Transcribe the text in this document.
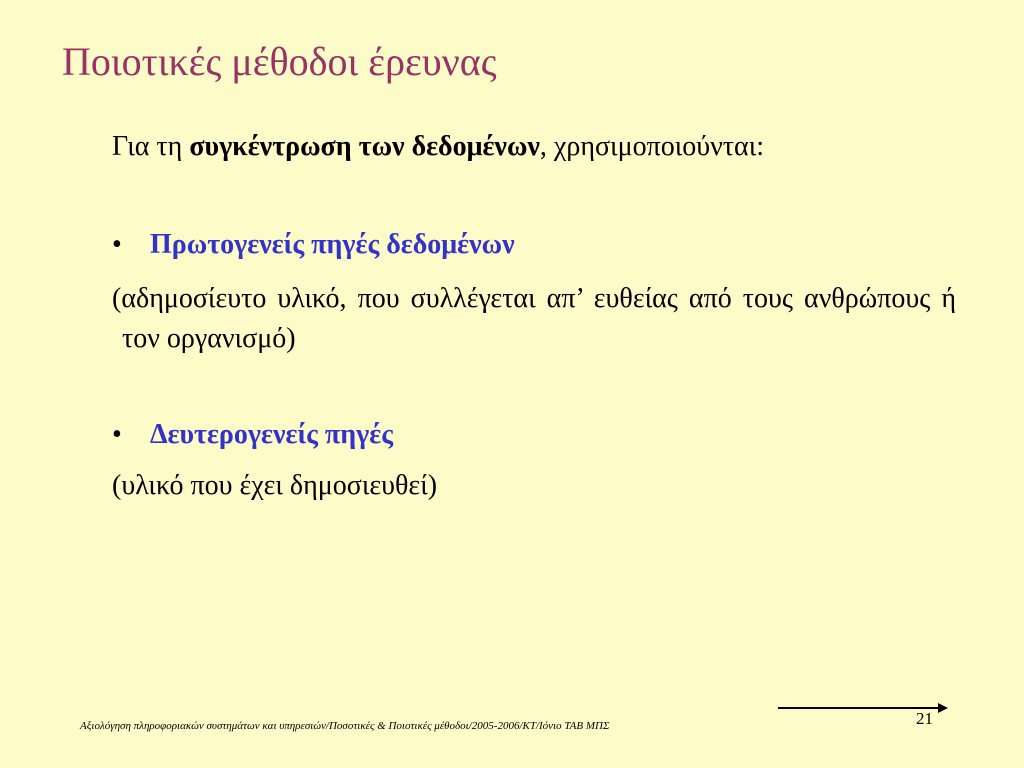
Ποιοτικές μέθοδοι έρευνας
Για τη συγκέντρωση των δεδομένων, χρησιμοποιούνται:
• Πρωτογενείς πηγές δεδομένων
(αδημοσίευτο υλικό, που συλλέγεται απ’ ευθείας από τους ανθρώπους ή τον οργανισμό)
• Δευτερογενείς πηγές
(υλικό που έχει δημοσιευθεί)
21
Αξιολόγηση πληροφοριακών συστημάτων και υπηρεσιών/Ποσοτικές & Ποιοτικές μέθοδοι/2005-2006/ΚΤ/Ιόνιο ΤΑΒ ΜΠΣ
